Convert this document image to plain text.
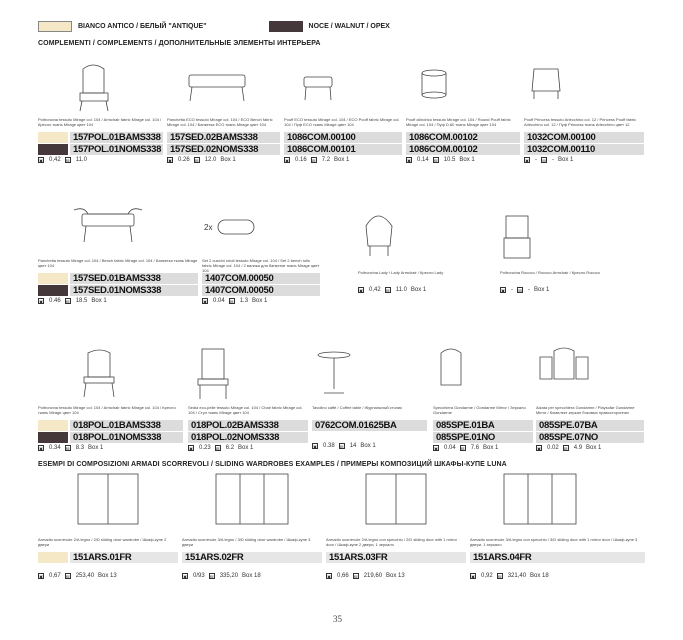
BIANCO ANTICO / БЕЛЫЙ "ANTIQUE"	NOCE / WALNUT / ОРЕХ
COMPLEMENTI / COMPLEMENTS / ДОПОЛНИТЕЛЬНЫЕ ЭЛЕМЕНТЫ ИНТЕРЬЕРА
Poltroncina tessuto Mirage col. 104 / Armchair fabric Mirage col. 104 / Кресло ткань Mirage цвет 104
157POL.01BAMS338
157POL.01NOMS338
▣ 0,42 ▤ 11.0
Panchetta ECO tessuto Mirage col. 104 / ECO Bench fabric Mirage col. 104 / Банкетка ECO ткань Mirage цвет 104
157SED.02BAMS338
157SED.02NOMS338
▣ 0.26 ▤ 12.0 Box 1
Pouff ECO tessuto Mirage col. 104 / ECO Pouff fabric Mirage col. 104 / Пуф ECO ткань Mirage цвет 104
1086COM.00100
1086COM.00101
▣ 0.16 ▤ 7.2 Box 1
Pouff cilindrico tessuto Mirage col. 104 / Round Pouff fabric Mirage col. 104 / Пуф D.60 ткань Mirage цвет 104
1086COM.00102
1086COM.00102
▣ 0.14 ▤ 10.5 Box 1
Pouff Princess tessuto Arlecchino col. 12 / Princess Pouff fabric Arlecchino col. 12 / Пуф Princess ткань Arlecchino цвет 12
1032COM.00100
1032COM.00110
▣ - ▤ - Box 1
Panchetta tessuto Mirage col. 104 / Bench fabric Mirage col. 104 / Банкетка ткань Mirage цвет 104
157SED.01BAMS338
157SED.01NOMS338
▣ 0.46 ▤ 18.5 Box 1
2x
Set 2 cuscini rotoli tessuto Mirage col. 104 / Set 2 bench rolls fabric Mirage col. 104 / 2 валика для банкетки ткань Mirage цвет 104
1407COM.00050
1407COM.00050
▣ 0.04 ▤ 1.3 Box 1
Poltroncina Lady / Lady Armchair / Кресло Lady
▣ 0,42 ▤ 11.0 Box 1
Poltroncina Rococo / Rococo Armchair / Кресло Rococo
▣ - ▤ - Box 1
Poltroncina tessuto Mirage col. 104 / Armchair fabric Mirage col. 104 / Кресло ткань Mirage цвет 104
018POL.01BAMS338
018POL.01NOMS338
▣ 0.34 ▤ 8.3 Box 1
Sedia eco-pelle tessuto Mirage col. 104 / Chair fabric Mirage col. 104 / Стул ткань Mirage цвет 104
018POL.02BAMS338
018POL.02NOMS338
▣ 0.23 ▤ 6.2 Box 1
Tavolino caffè / Coffee table / Журнальный столик
0762COM.01625BA
▣ 0.38 ▤ 14 Box 1
Specchiera Gondarme / Gondarme Mirror / Зеркало Gondarme
085SPE.01BA
085SPE.01NO
▣ 0.04 ▤ 7.6 Box 1
Alzata per specchiera Gondarme / Playsofar Gondarme Mirror / Комплект зеркал боковых правосторонних
085SPE.07BA
085SPE.07NO
▣ 0.02 ▤ 4.9 Box 1
ESEMPI DI COMPOSIZIONI ARMADI SCORREVOLI / SLIDING WARDROBES EXAMPLES / ПРИМЕРЫ КОМПОЗИЦИЙ ШКАФЫ-КУПЕ LUNA
Armadio scorrevole 2/A legno / 2/D sliding door wardrobe / Шкаф-купе 2 двери
151ARS.01FR
▣ 0,67 ▤ 253,40 Box 13
Armadio scorrevole 3/A legno / 3/D sliding door wardrobe / Шкаф-купе 3 двери
151ARS.02FR
▣ 0/93 ▤ 335,20 Box 18
Armadio scorrevole 2/A legno con specchio / 2/D sliding door with 1 mirror door / Шкаф-купе 2 двери, 1 зеркало
151ARS.03FR
▣ 0,66 ▤ 219,60 Box 13
Armadio scorrevole 3/A legno con specchio / 3/D sliding door with 1 mirror door / Шкаф-купе 3 двери, 1 зеркало
151ARS.04FR
▣ 0,92 ▤ 321,40 Box 18
35
